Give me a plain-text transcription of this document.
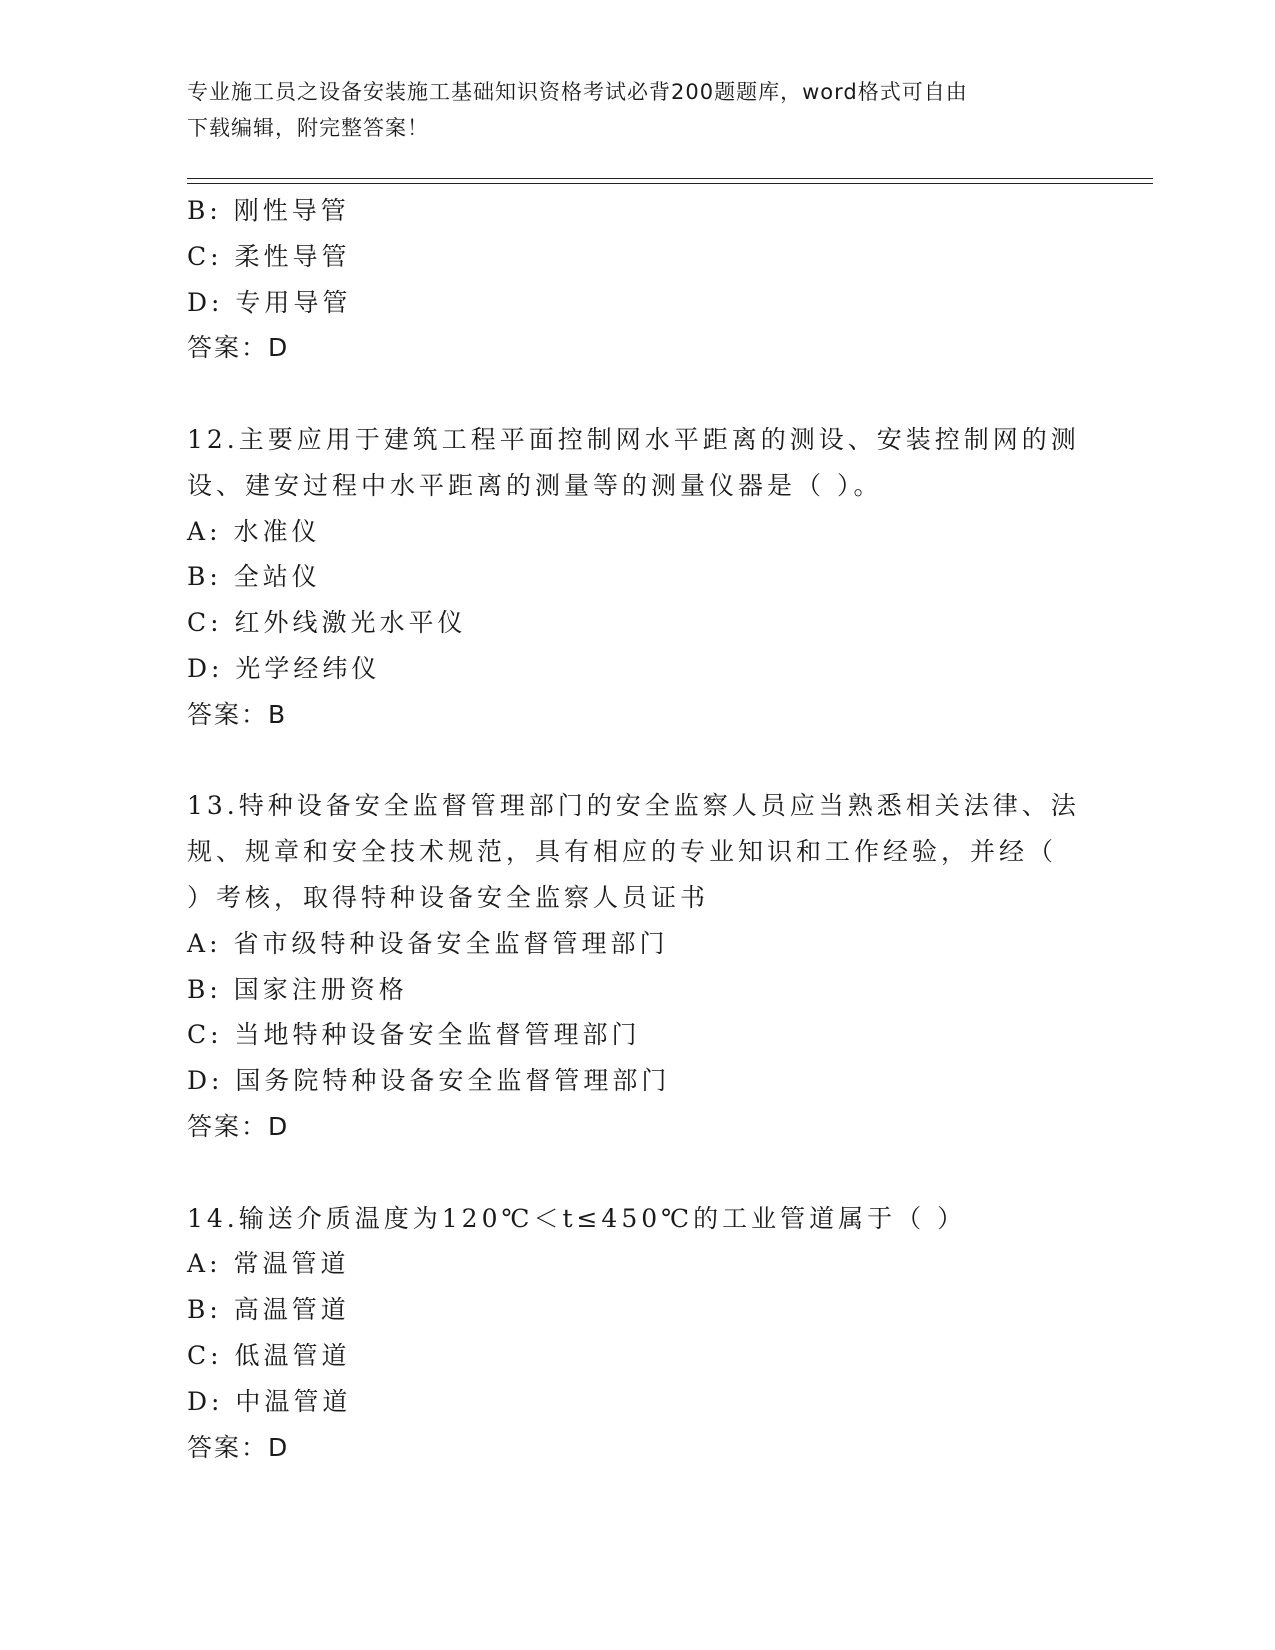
专业施工员之设备安装施工基础知识资格考试必背200题题库，word格式可自由
下载编辑，附完整答案！
B: 刚性导管
C: 柔性导管
D: 专用导管
答案：D
12.主要应用于建筑工程平面控制网水平距离的测设、安装控制网的测
设、建安过程中水平距离的测量等的测量仪器是（ ）。
A: 水准仪
B: 全站仪
C: 红外线激光水平仪
D: 光学经纬仪
答案：B
13.特种设备安全监督管理部门的安全监察人员应当熟悉相关法律、法
规、规章和安全技术规范，具有相应的专业知识和工作经验，并经（
）考核，取得特种设备安全监察人员证书
A: 省市级特种设备安全监督管理部门
B: 国家注册资格
C: 当地特种设备安全监督管理部门
D: 国务院特种设备安全监督管理部门
答案：D
14.输送介质温度为120℃＜t≤450℃的工业管道属于（ ）
A: 常温管道
B: 高温管道
C: 低温管道
D: 中温管道
答案：D
